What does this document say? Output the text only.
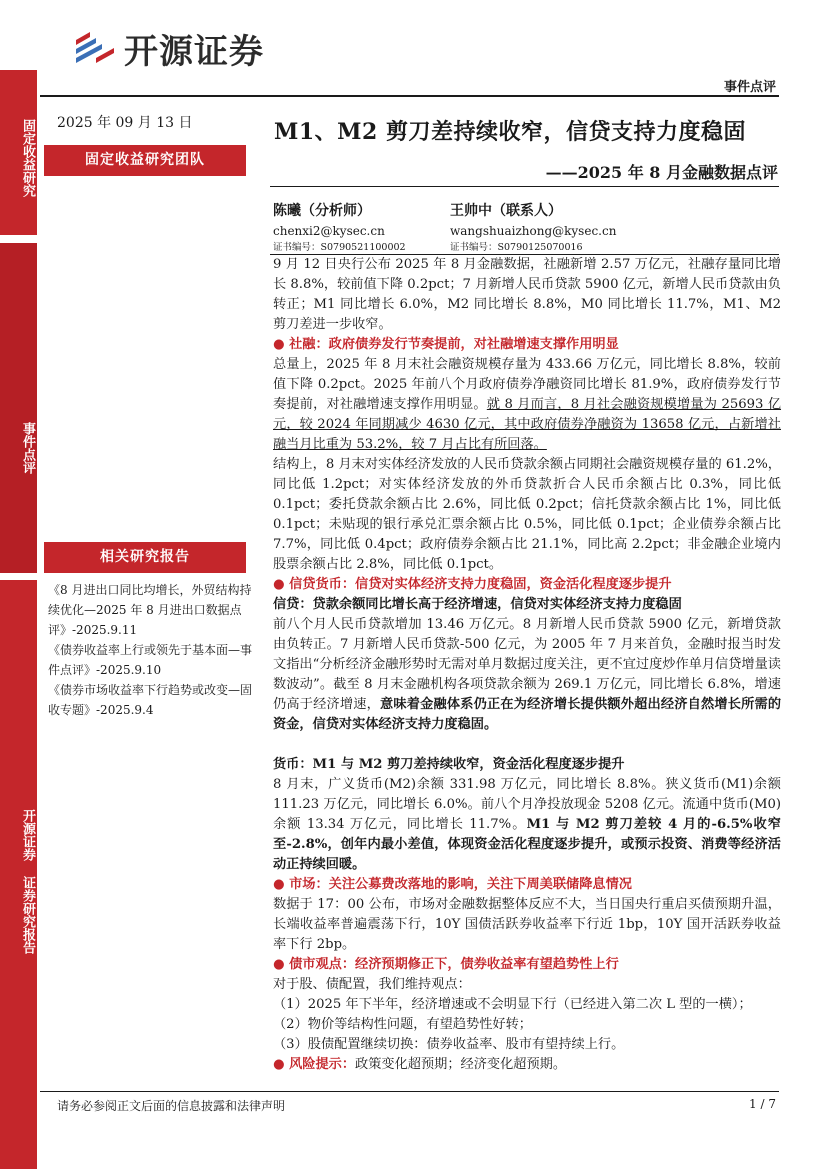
开源证券
事件点评
固定收益研究
事件点评
开源证券 证券研究报告
2025 年 09 月 13 日
固定收益研究团队
相关研究报告
《8 月进出口同比均增长，外贸结构持续优化—2025 年 8 月进出口数据点评》-2025.9.11
《债券收益率上行或领先于基本面—事件点评》-2025.9.10
《债券市场收益率下行趋势或改变—固收专题》-2025.9.4
M1、M2 剪刀差持续收窄，信贷支持力度稳固
——2025 年 8 月金融数据点评
陈曦（分析师）
chenxi2@kysec.cn
证书编号：S0790521100002
王帅中（联系人）
wangshuaizhong@kysec.cn
证书编号：S0790125070016

9 月 12 日央行公布 2025 年 8 月金融数据，社融新增 2.57 万亿元，社融存量同比增长 8.8%，较前值下降 0.2pct；7 月新增人民币贷款 5900 亿元，新增人民币贷款由负转正；M1 同比增长 6.0%，M2 同比增长 8.8%，M0 同比增长 11.7%，M1、M2 剪刀差进一步收窄。

● 社融：政府债券发行节奏提前，对社融增速支撑作用明显

总量上，2025 年 8 月末社会融资规模存量为 433.66 万亿元，同比增长 8.8%，较前值下降 0.2pct。2025 年前八个月政府债券净融资同比增长 81.9%，政府债券发行节奏提前，对社融增速支撑作用明显。就 8 月而言，8 月社会融资规模增量为 25693 亿元，较 2024 年同期减少 4630 亿元，其中政府债券净融资为 13658 亿元，占新增社融当月比重为 53.2%，较 7 月占比有所回落。

结构上，8 月末对实体经济发放的人民币贷款余额占同期社会融资规模存量的 61.2%，同比低 1.2pct；对实体经济发放的外币贷款折合人民币余额占比 0.3%，同比低 0.1pct；委托贷款余额占比 2.6%，同比低 0.2pct；信托贷款余额占比 1%，同比低 0.1pct；未贴现的银行承兑汇票余额占比 0.5%，同比低 0.1pct；企业债券余额占比 7.7%，同比低 0.4pct；政府债券余额占比 21.1%，同比高 2.2pct；非金融企业境内股票余额占比 2.8%，同比低 0.1pct。

● 信贷货币：信贷对实体经济支持力度稳固，资金活化程度逐步提升

信贷：贷款余额同比增长高于经济增速，信贷对实体经济支持力度稳固

前八个月人民币贷款增加 13.46 万亿元。8 月新增人民币贷款 5900 亿元，新增贷款由负转正。7 月新增人民币贷款-500 亿元，为 2005 年 7 月来首负，金融时报当时发文指出“分析经济金融形势时无需对单月数据过度关注，更不宜过度炒作单月信贷增量读数波动”。截至 8 月末金融机构各项贷款余额为 269.1 万亿元，同比增长 6.8%，增速仍高于经济增速，意味着金融体系仍正在为经济增长提供额外超出经济自然增长所需的资金，信贷对实体经济支持力度稳固。

货币：M1 与 M2 剪刀差持续收窄，资金活化程度逐步提升

8 月末，广义货币(M2)余额 331.98 万亿元，同比增长 8.8%。狭义货币(M1)余额 111.23 万亿元，同比增长 6.0%。前八个月净投放现金 5208 亿元。流通中货币(M0)余额 13.34 万亿元，同比增长 11.7%。M1 与 M2 剪刀差较 4 月的-6.5%收窄至-2.8%，创年内最小差值，体现资金活化程度逐步提升，或预示投资、消费等经济活动正持续回暖。

● 市场：关注公募费改落地的影响，关注下周美联储降息情况

数据于 17：00 公布，市场对金融数据整体反应不大，当日国央行重启买债预期升温，长端收益率普遍震荡下行，10Y 国债活跃券收益率下行近 1bp，10Y 国开活跃券收益率下行 2bp。

● 债市观点：经济预期修正下，债券收益率有望趋势性上行

对于股、债配置，我们维持观点：

（1）2025 年下半年，经济增速或不会明显下行（已经进入第二次 L 型的一横）；

（2）物价等结构性问题，有望趋势性好转；

（3）股债配置继续切换：债券收益率、股市有望持续上行。

● 风险提示：政策变化超预期；经济变化超预期。

请务必参阅正文后面的信息披露和法律声明	1 / 7
